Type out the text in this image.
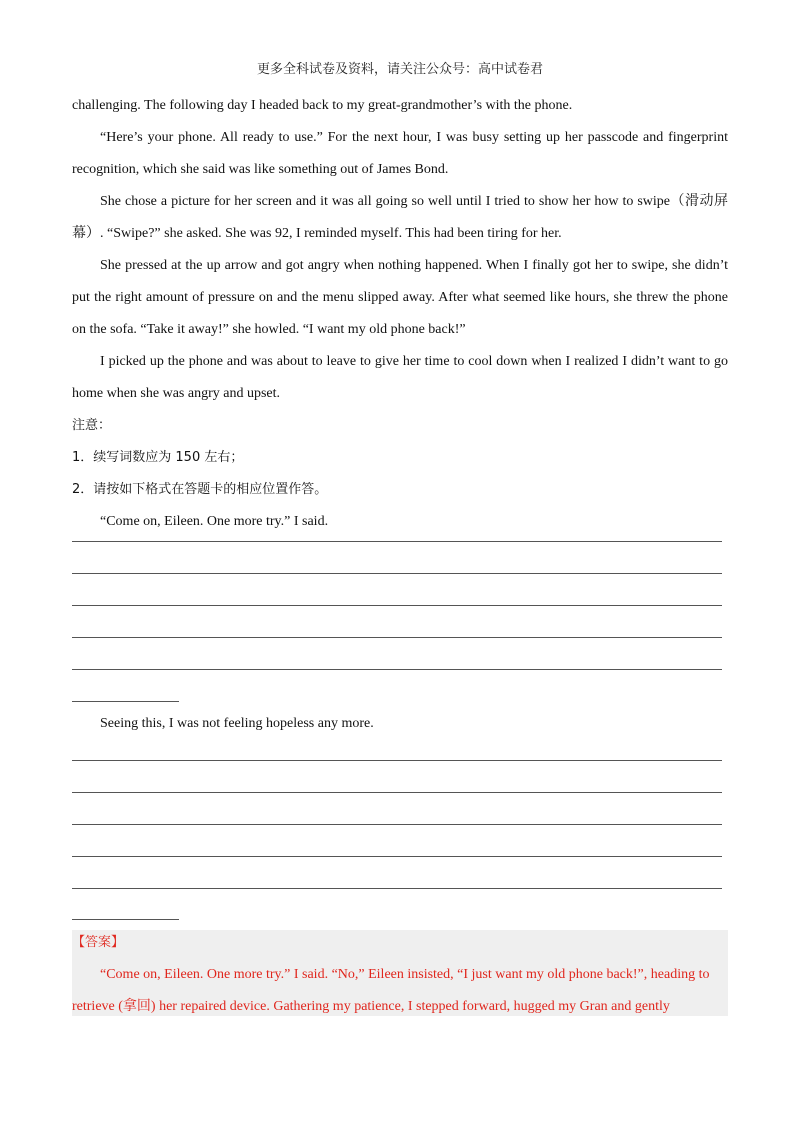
更多全科试卷及资料，请关注公众号：高中试卷君

challenging. The following day I headed back to my great-grandmother’s with the phone.

“Here’s your phone. All ready to use.” For the next hour, I was busy setting up her passcode and fingerprint recognition, which she said was like something out of James Bond.

She chose a picture for her screen and it was all going so well until I tried to show her how to swipe（滑动屏幕）. “Swipe?” she asked. She was 92, I reminded myself. This had been tiring for her.

She pressed at the up arrow and got angry when nothing happened. When I finally got her to swipe, she didn’t put the right amount of pressure on and the menu slipped away. After what seemed like hours, she threw the phone on the sofa. “Take it away!” she howled. “I want my old phone back!”

I picked up the phone and was about to leave to give her time to cool down when I realized I didn’t want to go home when she was angry and upset.

注意：

1．续写词数应为 150 左右；

2．请按如下格式在答题卡的相应位置作答。

“Come on, Eileen. One more try.” I said.

Seeing this, I was not feeling hopeless any more.

【答案】

“Come on, Eileen. One more try.” I said. “No,” Eileen insisted, “I just want my old phone back!”, heading to

retrieve (拿回) her repaired device. Gathering my patience, I stepped forward, hugged my Gran and gently
